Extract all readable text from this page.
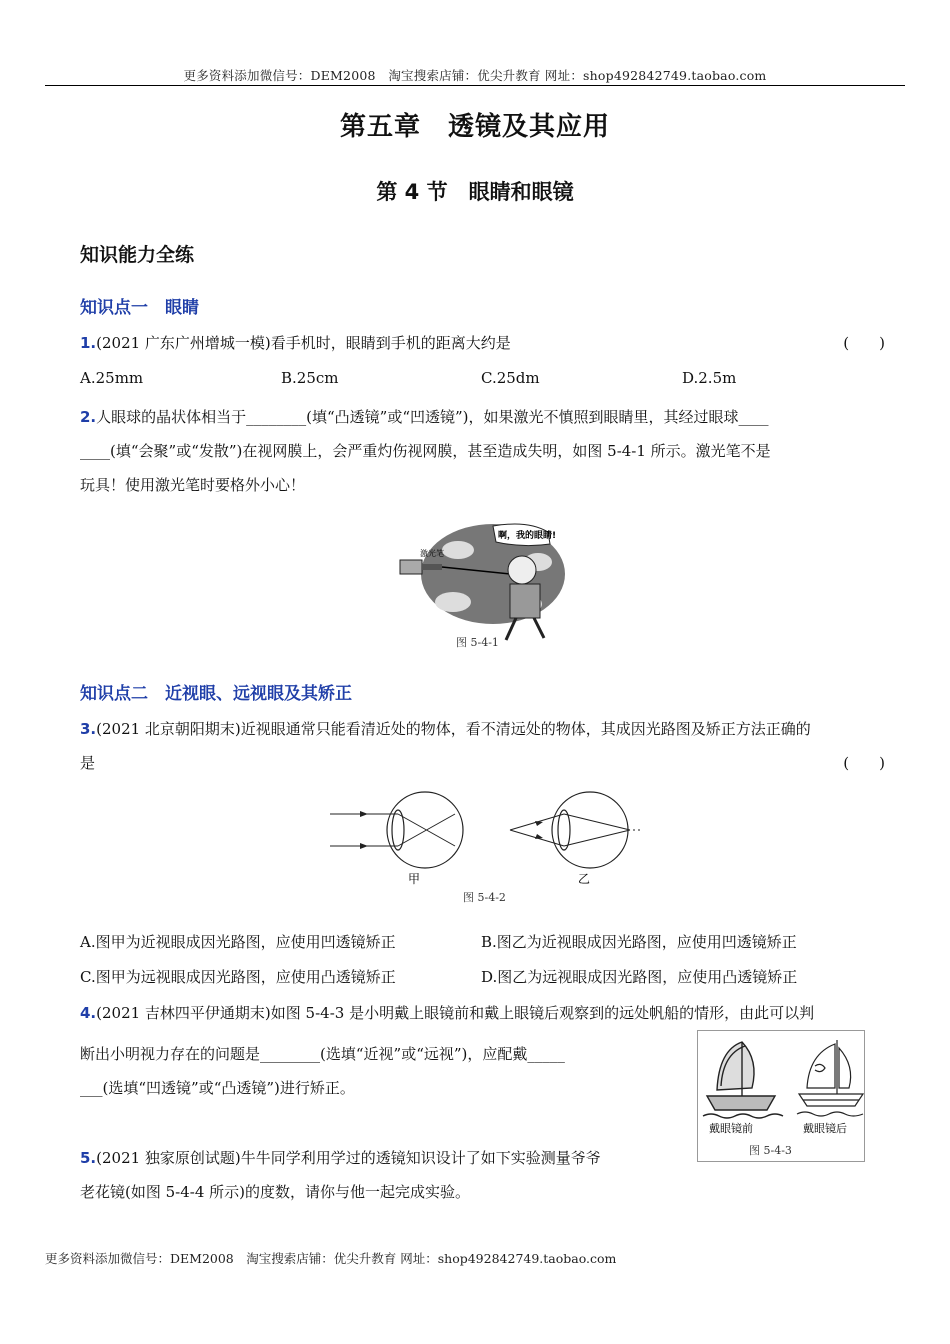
更多资料添加微信号：DEM2008　淘宝搜索店铺：优尖升教育 网址：shop492842749.taobao.com
更多资料添加微信号：DEM2008　淘宝搜索店铺：优尖升教育 网址：shop492842749.taobao.com
第五章　透镜及其应用
第 4 节　眼睛和眼镜
知识能力全练
知识点一　眼睛
1.(2021 广东广州增城一模)看手机时，眼睛到手机的距离大约是	(　　)
A.25mm	B.25cm	C.25dm	D.2.5m
2.人眼球的晶状体相当于________(填“凸透镜”或“凹透镜”)，如果激光不慎照到眼睛里，其经过眼球____
____(填“会聚”或“发散”)在视网膜上，会严重灼伤视网膜，甚至造成失明，如图 5-4-1 所示。激光笔不是
玩具！使用激光笔时要格外小心！
啊，我的眼睛!
激光笔
图 5-4-1
知识点二　近视眼、远视眼及其矫正
3.(2021 北京朝阳期末)近视眼通常只能看清近处的物体，看不清远处的物体，其成因光路图及矫正方法正确的
是	(　　)
甲	乙
图 5-4-2
A.图甲为近视眼成因光路图，应使用凹透镜矫正	B.图乙为近视眼成因光路图，应使用凹透镜矫正
C.图甲为远视眼成因光路图，应使用凸透镜矫正	D.图乙为远视眼成因光路图，应使用凸透镜矫正
4.(2021 吉林四平伊通期末)如图 5-4-3 是小明戴上眼镜前和戴上眼镜后观察到的远处帆船的情形，由此可以判
断出小明视力存在的问题是________(选填“近视”或“远视”)，应配戴_____
___(选填“凹透镜”或“凸透镜”)进行矫正。
戴眼镜前	戴眼镜后
图 5-4-3
5.(2021 独家原创试题)牛牛同学利用学过的透镜知识设计了如下实验测量爷爷
老花镜(如图 5-4-4 所示)的度数，请你与他一起完成实验。
